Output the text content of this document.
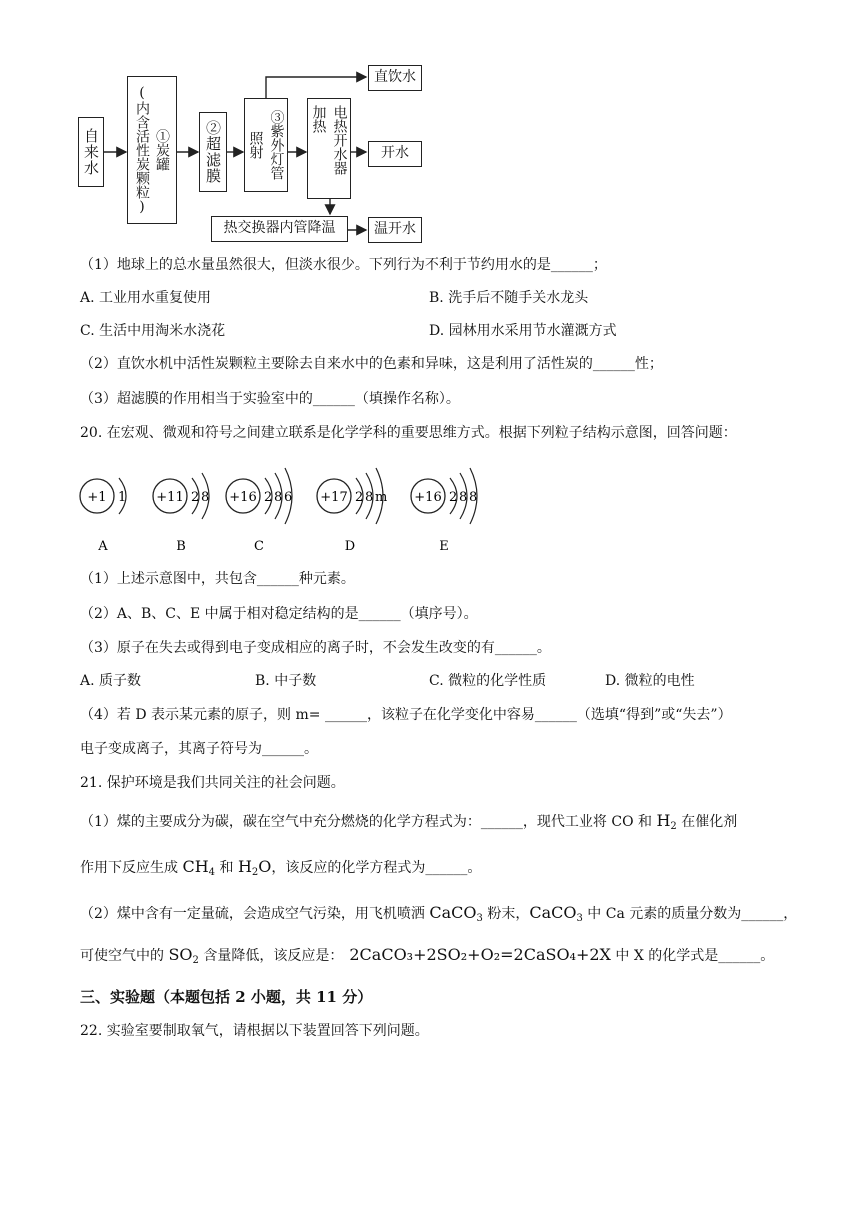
自来水 (内含活性炭颗粒) ①炭罐 ②超滤膜 照射 ③紫外灯管 加热 电热开水器
热交换器内管降温
直饮水
开水
温开水
（1）地球上的总水量虽然很大，但淡水很少。下列行为不利于节约用水的是______；
A. 工业用水重复使用	B. 洗手后不随手关水龙头
C. 生活中用淘米水浇花	D. 园林用水采用节水灌溉方式
（2）直饮水机中活性炭颗粒主要除去自来水中的色素和异味，这是利用了活性炭的______性；
（3）超滤膜的作用相当于实验室中的______（填操作名称）。
20. 在宏观、微观和符号之间建立联系是化学学科的重要思维方式。根据下列粒子结构示意图，回答问题：
+1 1
A
+11 2 8
B
+16 2 8 6
C
+17 2 8 m
D
+16 2 8 8
E
（1）上述示意图中，共包含______种元素。
（2）A、B、C、E 中属于相对稳定结构的是______（填序号）。
（3）原子在失去或得到电子变成相应的离子时，不会发生改变的有______。
A. 质子数	B. 中子数	C. 微粒的化学性质	D. 微粒的电性
（4）若 D 表示某元素的原子，则 m= ______，该粒子在化学变化中容易______（选填“得到”或“失去”）
电子变成离子，其离子符号为______。
21. 保护环境是我们共同关注的社会问题。
（1）煤的主要成分为碳，碳在空气中充分燃烧的化学方程式为：______，现代工业将 CO 和 $H_2$ 在催化剂
作用下反应生成 $CH_4$ 和 $H_2O$，该反应的化学方程式为______。
（2）煤中含有一定量硫，会造成空气污染，用飞机喷洒 CaCO$_3$ 粉末，CaCO$_3$ 中 Ca 元素的质量分数为______，
可使空气中的 $SO_2$ 含量降低，该反应是： 2CaCO₃+2SO₂+O₂=2CaSO₄+2X 中 X 的化学式是______。
三、实验题（本题包括 2 小题，共 11 分）
22. 实验室要制取氧气，请根据以下装置回答下列问题。
